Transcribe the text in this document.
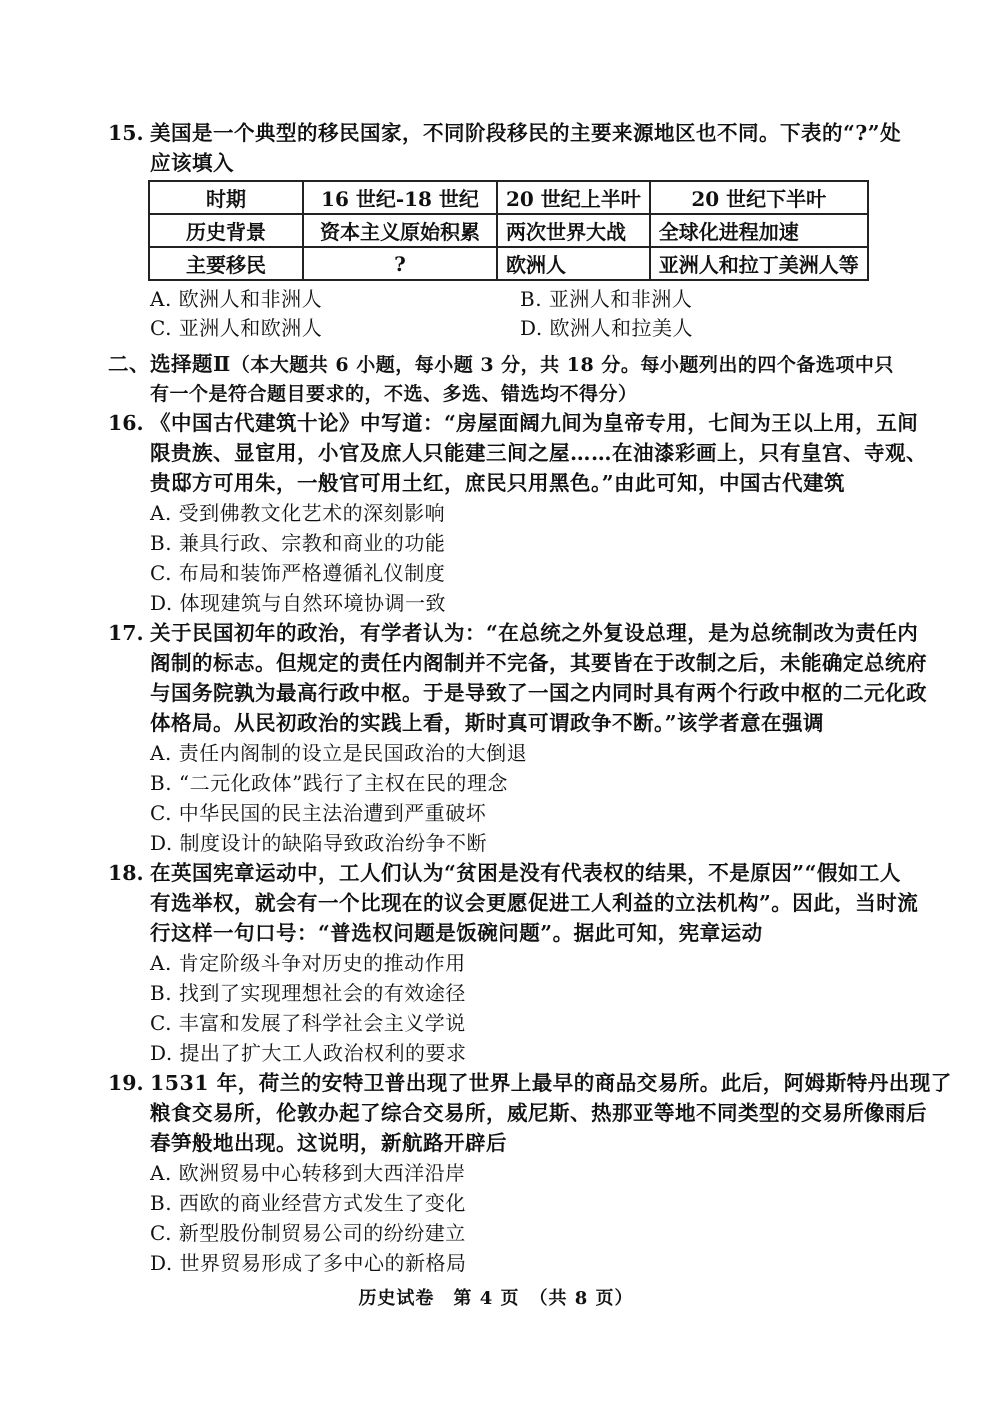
15. 美国是一个典型的移民国家，不同阶段移民的主要来源地区也不同。下表的“?”处
应该填入
时期	16 世纪-18 世纪	20 世纪上半叶	20 世纪下半叶
历史背景	资本主义原始积累	两次世界大战	全球化进程加速
主要移民	?	欧洲人	亚洲人和拉丁美洲人等
A. 欧洲人和非洲人	B. 亚洲人和非洲人
C. 亚洲人和欧洲人	D. 欧洲人和拉美人
二、选择题Ⅱ（本大题共 6 小题，每小题 3 分，共 18 分。每小题列出的四个备选项中只
有一个是符合题目要求的，不选、多选、错选均不得分）
16. 《中国古代建筑十论》中写道：“房屋面阔九间为皇帝专用，七间为王以上用，五间
限贵族、显宦用，小官及庶人只能建三间之屋……在油漆彩画上，只有皇宫、寺观、
贵邸方可用朱，一般官可用土红，庶民只用黑色。”由此可知，中国古代建筑
A. 受到佛教文化艺术的深刻影响
B. 兼具行政、宗教和商业的功能
C. 布局和装饰严格遵循礼仪制度
D. 体现建筑与自然环境协调一致
17. 关于民国初年的政治，有学者认为：“在总统之外复设总理，是为总统制改为责任内
阁制的标志。但规定的责任内阁制并不完备，其要皆在于改制之后，未能确定总统府
与国务院孰为最高行政中枢。于是导致了一国之内同时具有两个行政中枢的二元化政
体格局。从民初政治的实践上看，斯时真可谓政争不断。”该学者意在强调
A. 责任内阁制的设立是民国政治的大倒退
B. “二元化政体”践行了主权在民的理念
C. 中华民国的民主法治遭到严重破坏
D. 制度设计的缺陷导致政治纷争不断
18. 在英国宪章运动中，工人们认为“贫困是没有代表权的结果，不是原因”“假如工人
有选举权，就会有一个比现在的议会更愿促进工人利益的立法机构”。因此，当时流
行这样一句口号：“普选权问题是饭碗问题”。据此可知，宪章运动
A. 肯定阶级斗争对历史的推动作用
B. 找到了实现理想社会的有效途径
C. 丰富和发展了科学社会主义学说
D. 提出了扩大工人政治权利的要求
19. 1531 年，荷兰的安特卫普出现了世界上最早的商品交易所。此后，阿姆斯特丹出现了
粮食交易所，伦敦办起了综合交易所，威尼斯、热那亚等地不同类型的交易所像雨后
春笋般地出现。这说明，新航路开辟后
A. 欧洲贸易中心转移到大西洋沿岸
B. 西欧的商业经营方式发生了变化
C. 新型股份制贸易公司的纷纷建立
D. 世界贸易形成了多中心的新格局
历史试卷　第 4 页　（共 8 页）
